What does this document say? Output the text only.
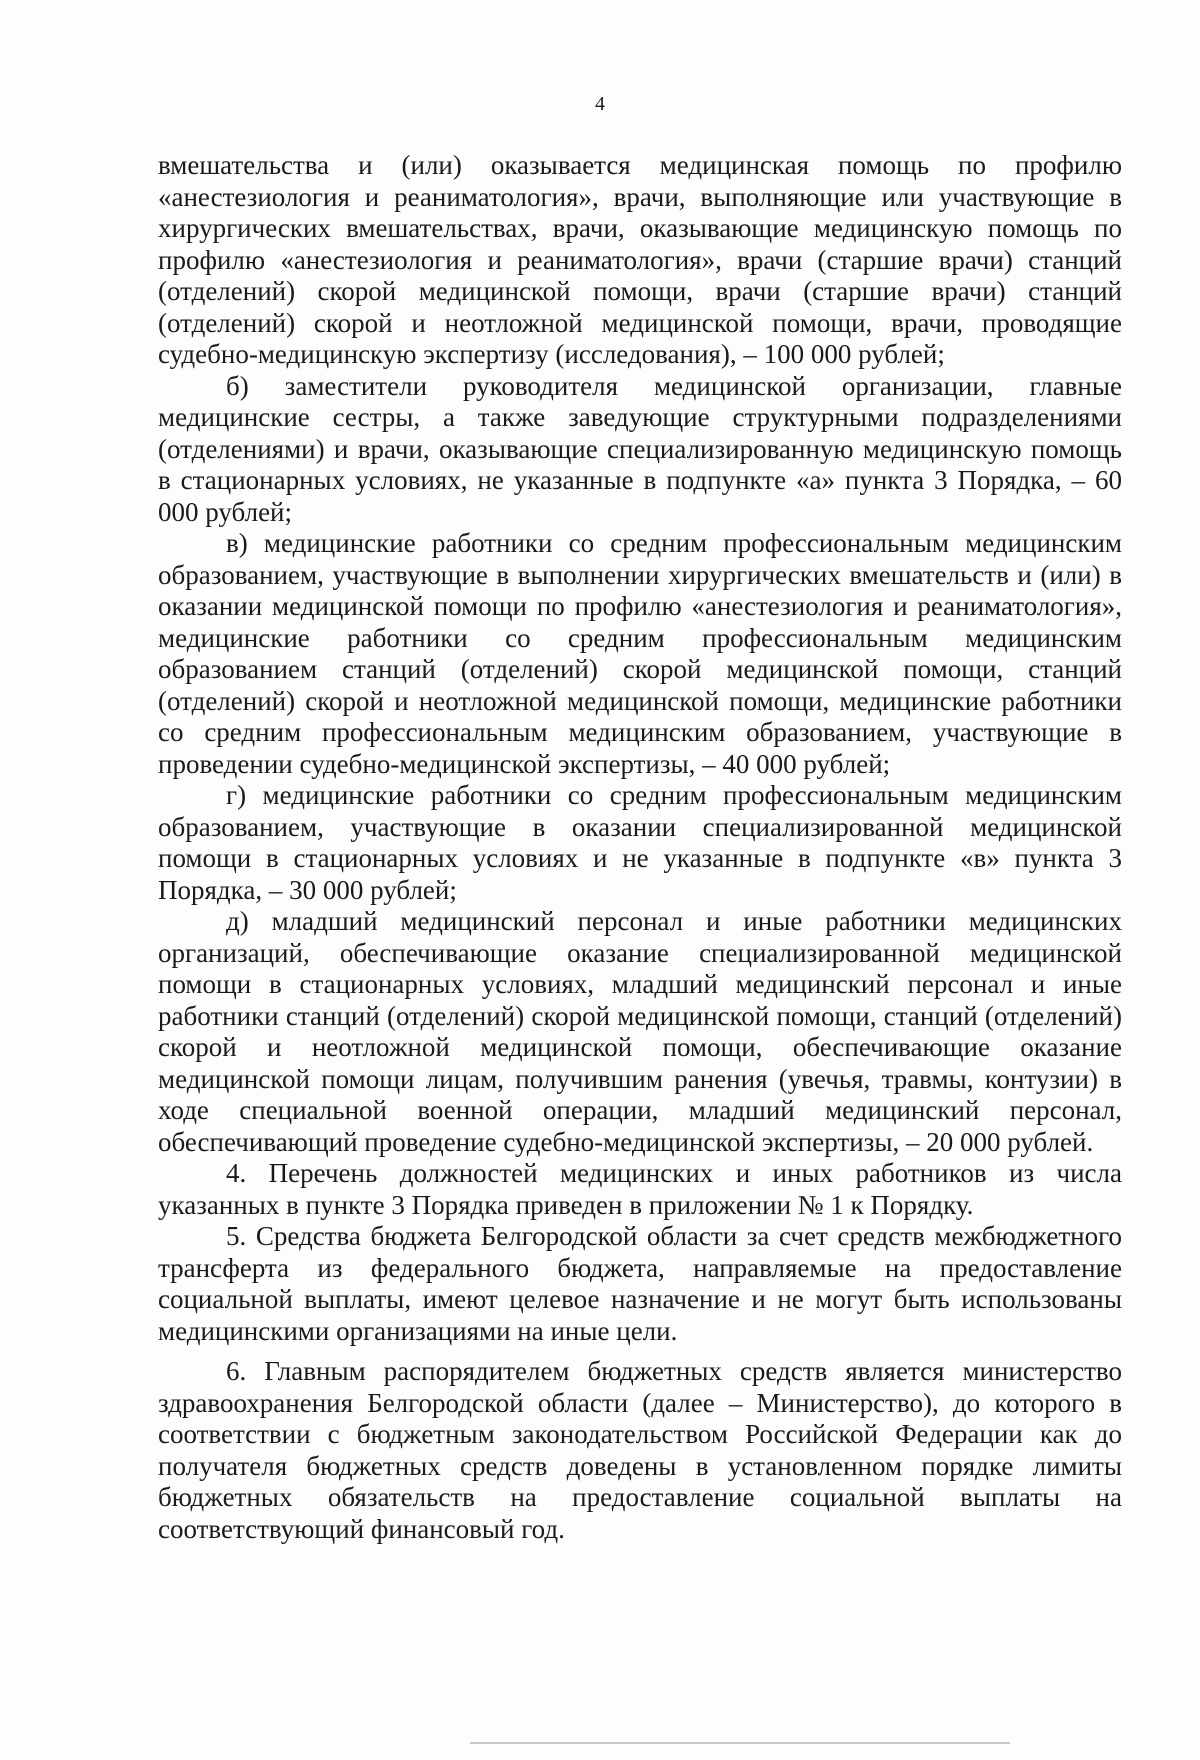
4

вмешательства и (или) оказывается медицинская помощь по профилю «анестезиология и реаниматология», врачи, выполняющие или участвующие в хирургических вмешательствах, врачи, оказывающие медицинскую помощь по профилю «анестезиология и реаниматология», врачи (старшие врачи) станций (отделений) скорой медицинской помощи, врачи (старшие врачи) станций (отделений) скорой и неотложной медицинской помощи, врачи, проводящие судебно-медицинскую экспертизу (исследования), – 100 000 рублей;

б) заместители руководителя медицинской организации, главные медицинские сестры, а также заведующие структурными подразделениями (отделениями) и врачи, оказывающие специализированную медицинскую помощь в стационарных условиях, не указанные в подпункте «а» пункта 3 Порядка, – 60 000 рублей;

в) медицинские работники со средним профессиональным медицинским образованием, участвующие в выполнении хирургических вмешательств и (или) в оказании медицинской помощи по профилю «анестезиология и реаниматология», медицинские работники со средним профессиональным медицинским образованием станций (отделений) скорой медицинской помощи, станций (отделений) скорой и неотложной медицинской помощи, медицинские работники со средним профессиональным медицинским образованием, участвующие в проведении судебно-медицинской экспертизы, – 40 000 рублей;

г) медицинские работники со средним профессиональным медицинским образованием, участвующие в оказании специализированной медицинской помощи в стационарных условиях и не указанные в подпункте «в» пункта 3 Порядка, – 30 000 рублей;

д) младший медицинский персонал и иные работники медицинских организаций, обеспечивающие оказание специализированной медицинской помощи в стационарных условиях, младший медицинский персонал и иные работники станций (отделений) скорой медицинской помощи, станций (отделений) скорой и неотложной медицинской помощи, обеспечивающие оказание медицинской помощи лицам, получившим ранения (увечья, травмы, контузии) в ходе специальной военной операции, младший медицинский персонал, обеспечивающий проведение судебно-медицинской экспертизы, – 20 000 рублей.

4. Перечень должностей медицинских и иных работников из числа указанных в пункте 3 Порядка приведен в приложении № 1 к Порядку.

5. Средства бюджета Белгородской области за счет средств межбюджетного трансферта из федерального бюджета, направляемые на предоставление социальной выплаты, имеют целевое назначение и не могут быть использованы медицинскими организациями на иные цели.

6. Главным распорядителем бюджетных средств является министерство здравоохранения Белгородской области (далее – Министерство), до которого в соответствии с бюджетным законодательством Российской Федерации как до получателя бюджетных средств доведены в установленном порядке лимиты бюджетных обязательств на предоставление социальной выплаты на соответствующий финансовый год.
